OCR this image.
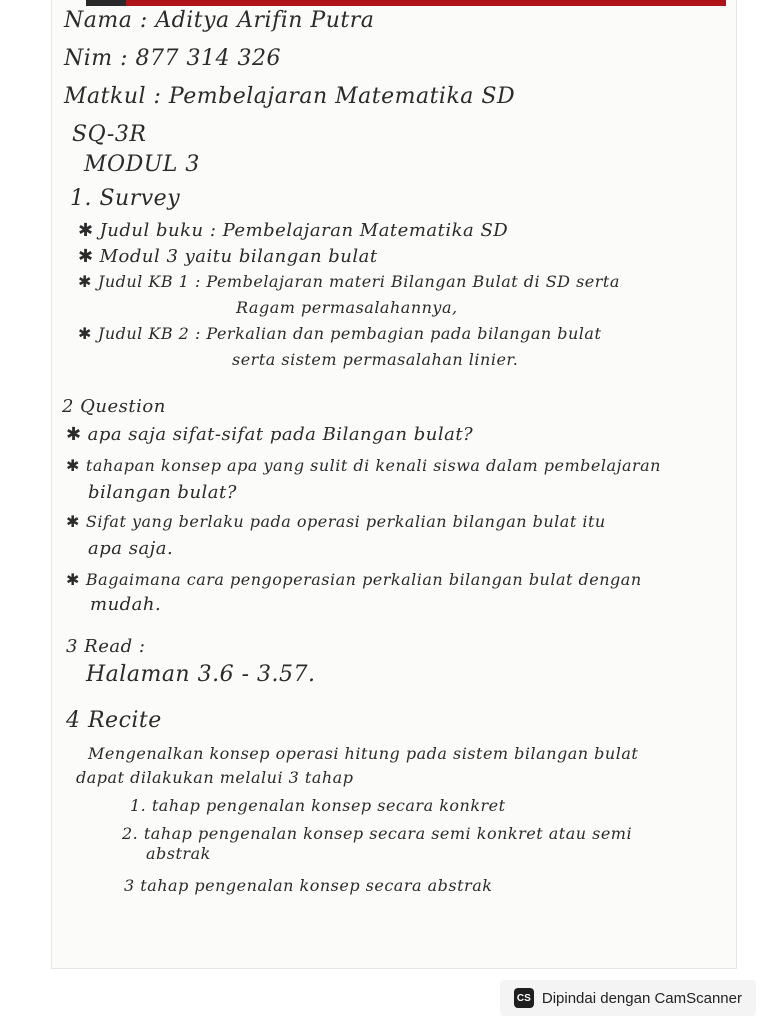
Nama : Aditya Arifin Putra
Nim : 877 314 326
Matkul : Pembelajaran Matematika SD
SQ-3R
MODUL 3
1. Survey
✱ Judul buku : Pembelajaran Matematika SD
✱ Modul 3 yaitu bilangan bulat
✱ Judul KB 1 : Pembelajaran materi Bilangan Bulat di SD serta
Ragam permasalahannya,
✱ Judul KB 2 : Perkalian dan pembagian pada bilangan bulat
serta sistem permasalahan linier.
2 Question
✱ apa saja sifat-sifat pada Bilangan bulat?
✱ tahapan konsep apa yang sulit di kenali siswa dalam pembelajaran
bilangan bulat?
✱ Sifat yang berlaku pada operasi perkalian bilangan bulat itu
apa saja.
✱ Bagaimana cara pengoperasian perkalian bilangan bulat dengan
mudah.
3 Read :
Halaman 3.6 - 3.57.
4 Recite
Mengenalkan konsep operasi hitung pada sistem bilangan bulat
dapat dilakukan melalui 3 tahap
1. tahap pengenalan konsep secara konkret
2. tahap pengenalan konsep secara semi konkret atau semi
abstrak
3 tahap pengenalan konsep secara abstrak
CS Dipindai dengan CamScanner
